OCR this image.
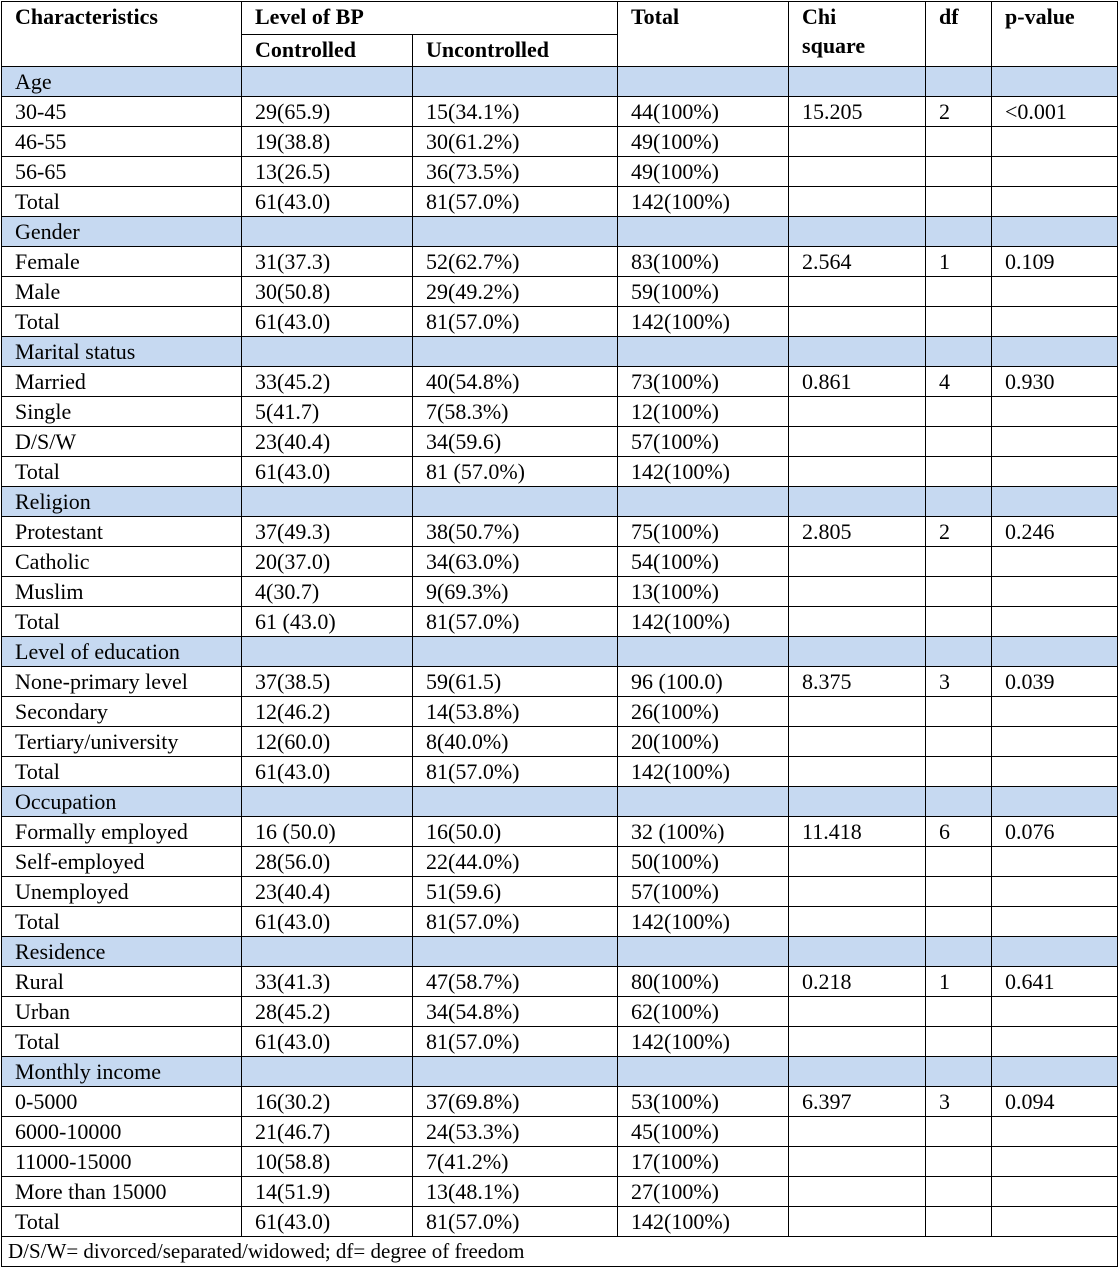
Characteristics	Level of BP		Total	Chi square	df	p-value
	Controlled	Uncontrolled				
Age						
30-45	29(65.9)	15(34.1%)	44(100%)	15.205	2	<0.001
46-55	19(38.8)	30(61.2%)	49(100%)			
56-65	13(26.5)	36(73.5%)	49(100%)			
Total	61(43.0)	81(57.0%)	142(100%)			
Gender						
Female	31(37.3)	52(62.7%)	83(100%)	2.564	1	0.109
Male	30(50.8)	29(49.2%)	59(100%)			
Total	61(43.0)	81(57.0%)	142(100%)			
Marital status						
Married	33(45.2)	40(54.8%)	73(100%)	0.861	4	0.930
Single	5(41.7)	7(58.3%)	12(100%)			
D/S/W	23(40.4)	34(59.6)	57(100%)			
Total	61(43.0)	81 (57.0%)	142(100%)			
Religion						
Protestant	37(49.3)	38(50.7%)	75(100%)	2.805	2	0.246
Catholic	20(37.0)	34(63.0%)	54(100%)			
Muslim	4(30.7)	9(69.3%)	13(100%)			
Total	61 (43.0)	81(57.0%)	142(100%)			
Level of education						
None-primary level	37(38.5)	59(61.5)	96 (100.0)	8.375	3	0.039
Secondary	12(46.2)	14(53.8%)	26(100%)			
Tertiary/university	12(60.0)	8(40.0%)	20(100%)			
Total	61(43.0)	81(57.0%)	142(100%)			
Occupation						
Formally employed	16 (50.0)	16(50.0)	32 (100%)	11.418	6	0.076
Self-employed	28(56.0)	22(44.0%)	50(100%)			
Unemployed	23(40.4)	51(59.6)	57(100%)			
Total	61(43.0)	81(57.0%)	142(100%)			
Residence						
Rural	33(41.3)	47(58.7%)	80(100%)	0.218	1	0.641
Urban	28(45.2)	34(54.8%)	62(100%)			
Total	61(43.0)	81(57.0%)	142(100%)			
Monthly income						
0-5000	16(30.2)	37(69.8%)	53(100%)	6.397	3	0.094
6000-10000	21(46.7)	24(53.3%)	45(100%)			
11000-15000	10(58.8)	7(41.2%)	17(100%)			
More than 15000	14(51.9)	13(48.1%)	27(100%)			
Total	61(43.0)	81(57.0%)	142(100%)			
D/S/W= divorced/separated/widowed; df= degree of freedom						
